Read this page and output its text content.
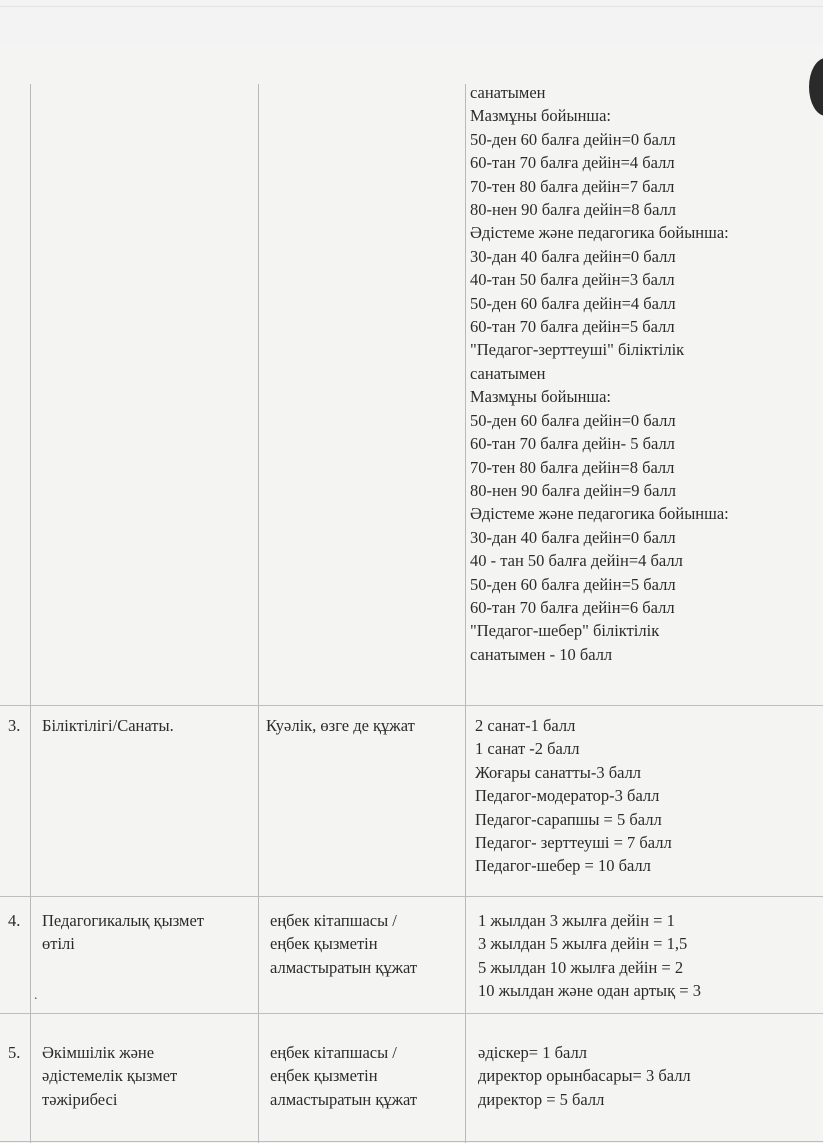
санатымен
Мазмұны бойынша:
50-ден 60 балға дейін=0 балл
60-тан 70 балға дейін=4 балл
70-тен 80 балға дейін=7 балл
80-нен 90 балға дейін=8 балл
Әдістеме және педагогика бойынша:
30-дан 40 балға дейін=0 балл
40-тан 50 балға дейін=3 балл
50-ден 60 балға дейін=4 балл
60-тан 70 балға дейін=5 балл
"Педагог-зерттеуші" біліктілік
санатымен
Мазмұны бойынша:
50-ден 60 балға дейін=0 балл
60-тан 70 балға дейін- 5 балл
70-тен 80 балға дейін=8 балл
80-нен 90 балға дейін=9 балл
Әдістеме және педагогика бойынша:
30-дан 40 балға дейін=0 балл
40 - тан 50 балға дейін=4 балл
50-ден 60 балға дейін=5 балл
60-тан 70 балға дейін=6 балл
"Педагог-шебер" біліктілік
санатымен - 10 балл
3. Біліктілігі/Санаты.	Куәлік, өзге де құжат	2 санат-1 балл
1 санат -2 балл
Жоғары санатты-3 балл
Педагог-модератор-3 балл
Педагог-сарапшы = 5 балл
Педагог- зерттеуші = 7 балл
Педагог-шебер = 10 балл
4. Педагогикалық қызмет
өтілі
еңбек кітапшасы /
еңбек қызметін
алмастыратын құжат
1 жылдан 3 жылға дейін = 1
3 жылдан 5 жылға дейін = 1,5
5 жылдан 10 жылға дейін = 2
10 жылдан және одан артық = 3
.
5. Әкімшілік және
әдістемелік қызмет
тәжірибесі
еңбек кітапшасы /
еңбек қызметін
алмастыратын құжат
әдіскер= 1 балл
директор орынбасары= 3 балл
директор = 5 балл
